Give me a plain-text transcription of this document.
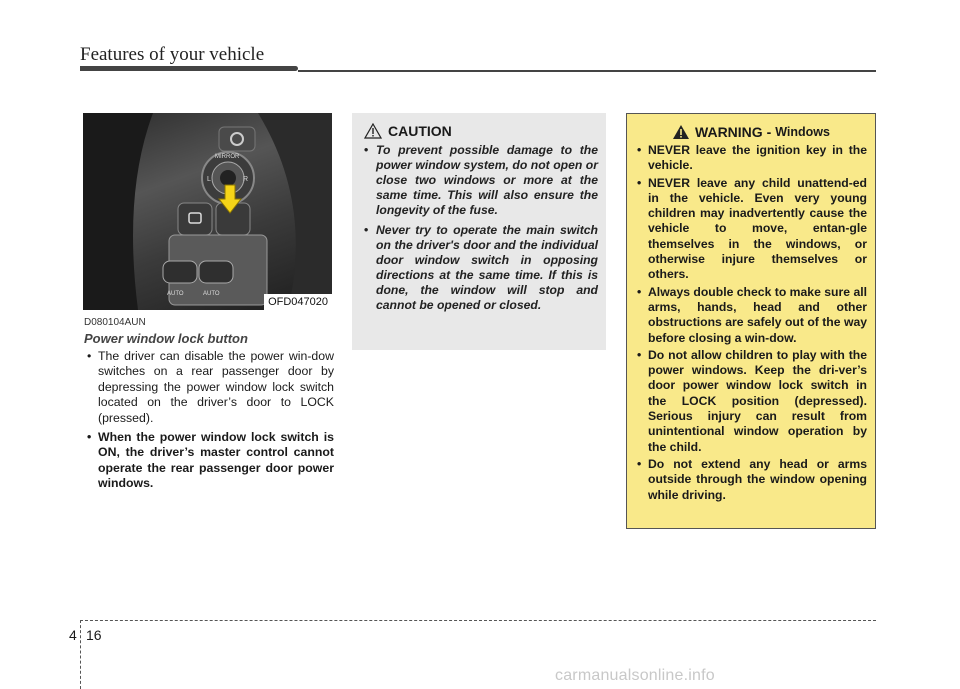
Features of your vehicle
MIRROR
L	R
AUTO	AUTO
OFD047020
D080104AUN
Power window lock button
• The driver can disable the power win-dow switches on a rear passenger door by depressing the power window lock switch located on the driver’s door to LOCK (pressed).
• When the power window lock switch is ON, the driver’s master control cannot operate the rear passenger door power windows.
CAUTION
• To prevent possible damage to the power window system, do not open or close two windows or more at the same time. This will also ensure the longevity of the fuse.
• Never try to operate the main switch on the driver's door and the individual door window switch in opposing directions at the same time. If this is done, the window will stop and cannot be opened or closed.
WARNING - Windows
• NEVER leave the ignition key in the vehicle.
• NEVER leave any child unattend-ed in the vehicle. Even very young children may inadvertently cause the vehicle to move, entan-gle themselves in the windows, or otherwise injure themselves or others.
• Always double check to make sure all arms, hands, head and other obstructions are safely out of the way before closing a win-dow.
• Do not allow children to play with the power windows. Keep the dri-ver’s door power window lock switch in the LOCK position (depressed). Serious injury can result from unintentional window operation by the child.
• Do not extend any head or arms outside through the window opening while driving.
4 16
carmanualsonline.info
